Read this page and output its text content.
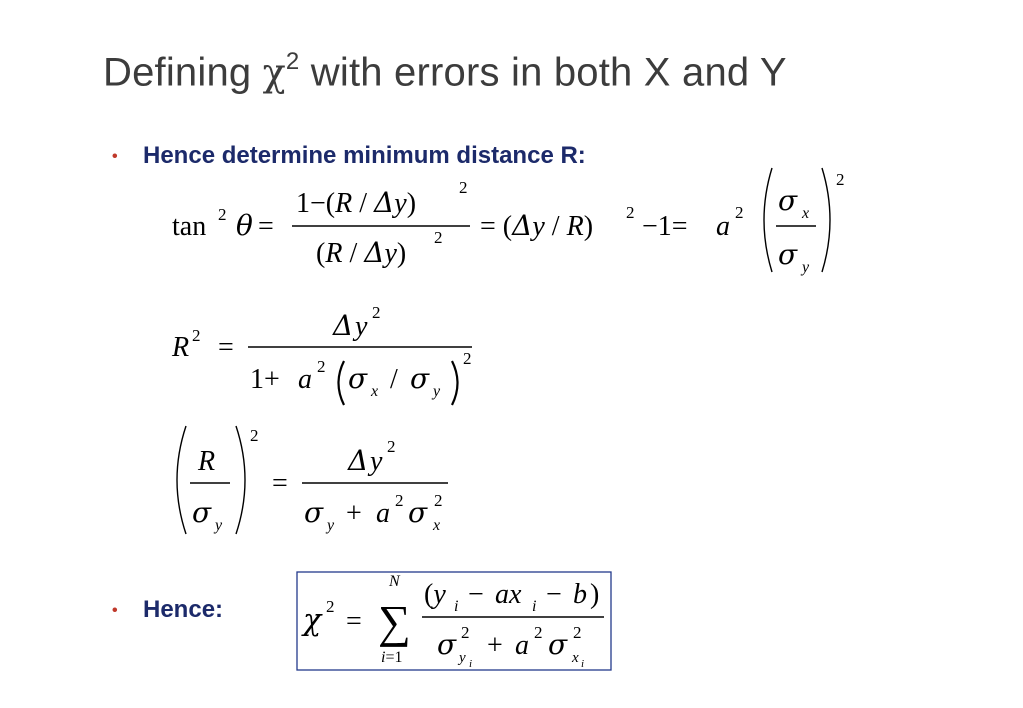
Defining $\chi^2$ with errors in both X and Y
• Hence determine minimum distance R:
• Hence:
tan 2 θ =
1−(R / Δy)
2
(R / Δy)
2 = (Δy / R) 2 −1= a 2 σ x
σ y
2
R 2 =
Δ y 2
1+ a 2 σ x / σ y
2
R
σ y
2
=
Δ y 2
σ y + a 2 σ 2
x
χ 2 =
N
∑
i=1
(y i − ax i − b )
σ 2
y i
+ a 2 σ 2
x i
